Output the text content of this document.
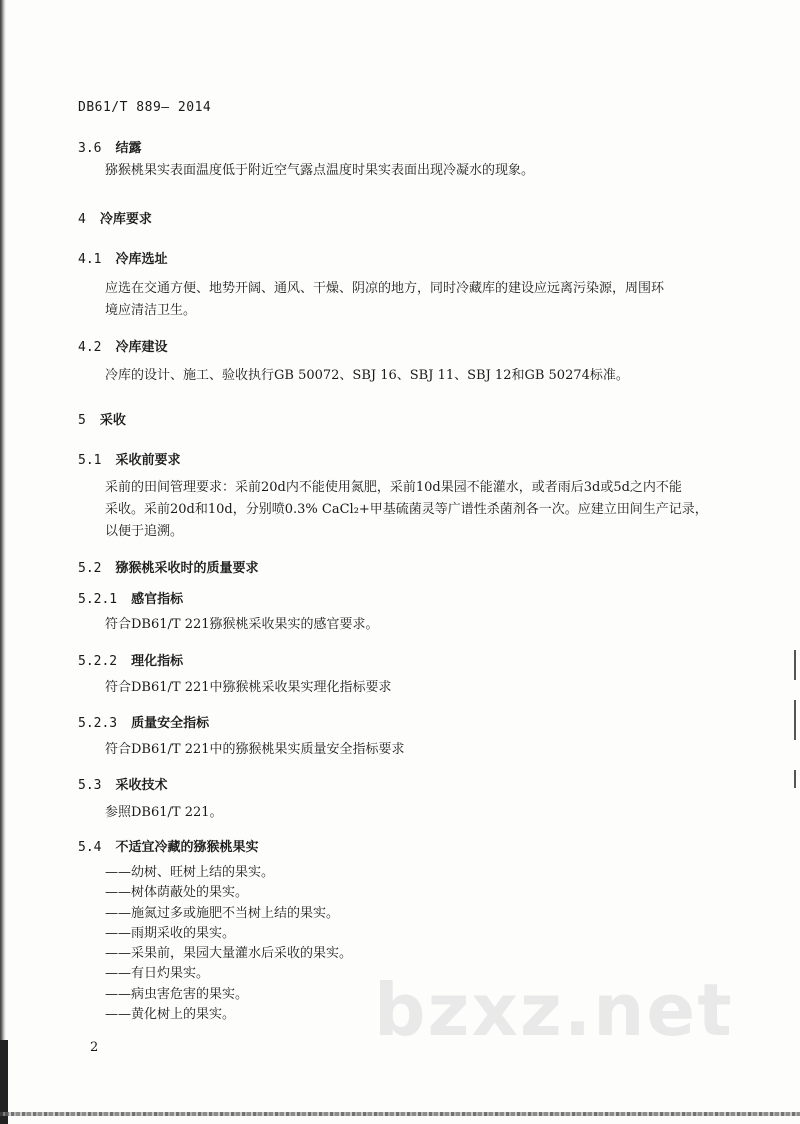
DB61/T 889— 2014
3.6 结露
猕猴桃果实表面温度低于附近空气露点温度时果实表面出现冷凝水的现象。
4 冷库要求
4.1 冷库选址
应选在交通方便、地势开阔、通风、干燥、阴凉的地方，同时冷藏库的建设应远离污染源，周围环
境应清洁卫生。
4.2 冷库建设
冷库的设计、施工、验收执行GB 50072、SBJ 16、SBJ 11、SBJ 12和GB 50274标准。
5 采收
5.1 采收前要求
采前的田间管理要求：采前20d内不能使用氮肥，采前10d果园不能灌水，或者雨后3d或5d之内不能
采收。采前20d和10d，分别喷0.3% CaCl₂+甲基硫菌灵等广谱性杀菌剂各一次。应建立田间生产记录，
以便于追溯。
5.2 猕猴桃采收时的质量要求
5.2.1 感官指标
符合DB61/T 221猕猴桃采收果实的感官要求。
5.2.2 理化指标
符合DB61/T 221中猕猴桃采收果实理化指标要求
5.2.3 质量安全指标
符合DB61/T 221中的猕猴桃果实质量安全指标要求
5.3 采收技术
参照DB61/T 221。
5.4 不适宜冷藏的猕猴桃果实
——幼树、旺树上结的果实。
——树体荫蔽处的果实。
——施氮过多或施肥不当树上结的果实。
——雨期采收的果实。
——采果前，果园大量灌水后采收的果实。
——有日灼果实。
——病虫害危害的果实。
——黄化树上的果实。
2	bzxz.net
